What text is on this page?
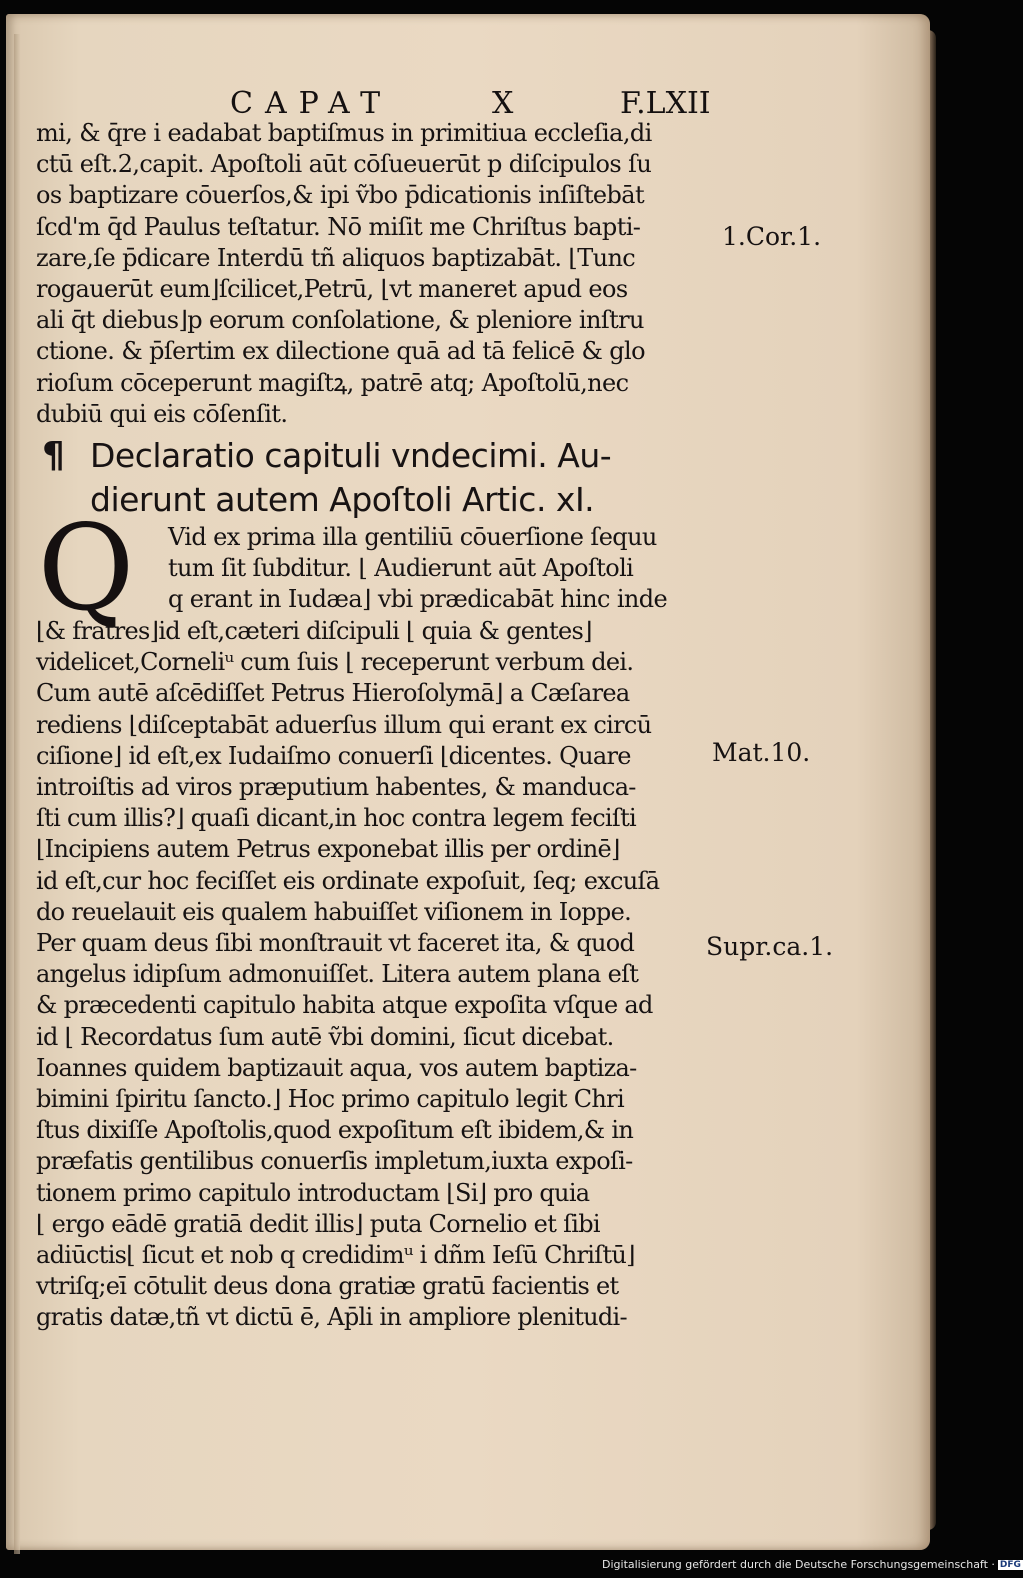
CAPAT	X	F.LXII
mi, & q̄re i eadabat baptiſmus in primitiua eccleſia,di
ctū eſt.2,capit. Apoſtoli aūt cōſueuerūt p diſcipulos ſu
os baptizare cōuerſos,& ipi ṽbo p̄dicationis inſiſtebāt
ſcd'm q̄d Paulus teſtatur. Nō miſit me Chriſtus bapti-
zare,ſe p̄dicare Interdū tñ aliquos baptizabāt. ⌊Tunc
rogauerūt eum⌋ſcilicet,Petrū, ⌊vt maneret apud eos
ali q̄t diebus⌋p eorum conſolatione, & pleniore inſtru
ctione. & p̄ſertim ex dilectione quā ad tā felicē & glo
rioſum cōceperunt magiſtꝝ, patrē atq; Apoſtolū,nec
dubiū qui eis cōſenſit.
¶ Declaratio capituli vndecimi. Au-
dierunt autem Apoſtoli Artic. xI.
Q Vid ex prima illa gentiliū cōuerſione ſequu
tum ſit ſubditur. ⌊ Audierunt aūt Apoſtoli
q erant in Iudæa⌋ vbi prædicabāt hinc inde
⌊& fratres⌋id eſt,cæteri diſcipuli ⌊ quia & gentes⌋
videlicet,Corneliᵘ cum ſuis ⌊ receperunt verbum dei.
Cum autē aſcēdiſſet Petrus Hieroſolymā⌋ a Cæſarea
rediens ⌊diſceptabāt aduerſus illum qui erant ex circū
ciſione⌋ id eſt,ex Iudaiſmo conuerſi ⌊dicentes. Quare
introiſtis ad viros præputium habentes, & manduca-
ſti cum illis?⌋ quaſi dicant,in hoc contra legem feciſti
⌊Incipiens autem Petrus exponebat illis per ordinē⌋
id eſt,cur hoc feciſſet eis ordinate expoſuit, ſeq; excuſā
do reuelauit eis qualem habuiſſet viſionem in Ioppe.
Per quam deus ſibi monſtrauit vt faceret ita, & quod
angelus idipſum admonuiſſet. Litera autem plana eſt
& præcedenti capitulo habita atque expoſita vſque ad
id ⌊ Recordatus ſum autē ṽbi domini, ſicut dicebat.
Ioannes quidem baptizauit aqua, vos autem baptiza-
bimini ſpiritu ſancto.⌋ Hoc primo capitulo legit Chri
ſtus dixiſſe Apoſtolis,quod expoſitum eſt ibidem,& in
præfatis gentilibus conuerſis impletum,iuxta expoſi-
tionem primo capitulo introductam ⌊Si⌋ pro quia
⌊ ergo eādē gratiā dedit illis⌋ puta Cornelio et ſibi
adiūctis⌊ ſicut et nob q credidimᵘ i dñm Ieſū Chriſtū⌋
vtriſq;eī cōtulit deus dona gratiæ gratū facientis et
gratis datæ,tñ vt dictū ē, Ap̄li in ampliore plenitudi-
1.Cor.1.
Mat.10.
Supr.ca.1.
Digitalisierung gefördert durch die Deutsche Forschungsgemeinschaft · DFG
